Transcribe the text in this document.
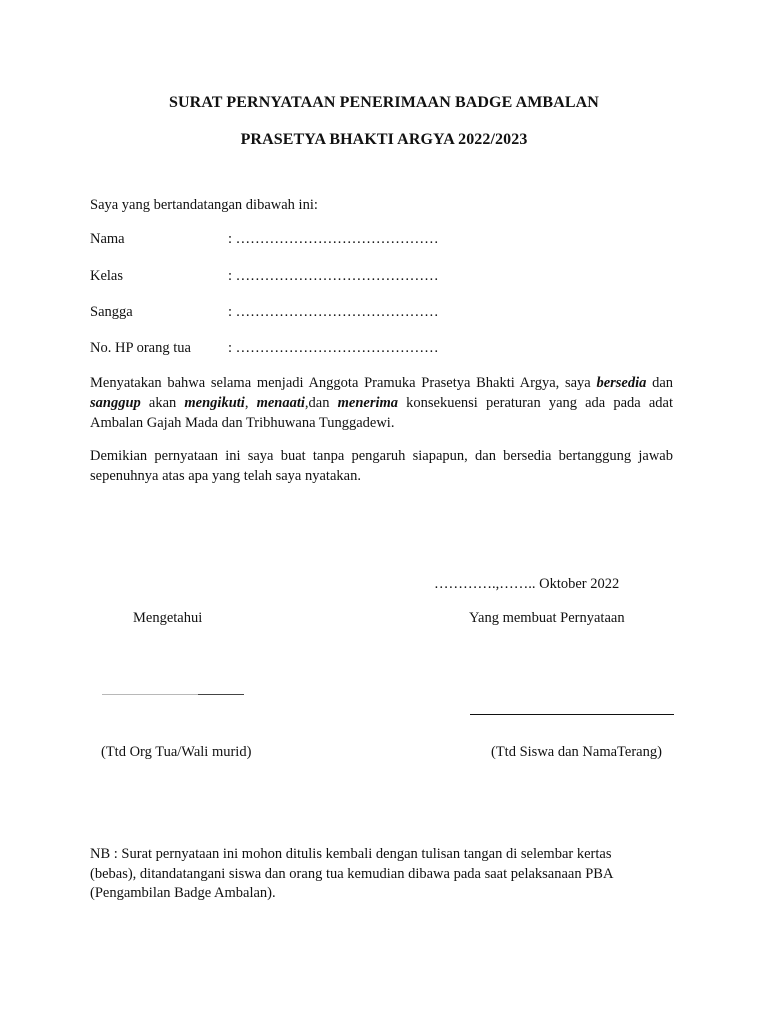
SURAT PERNYATAAN PENERIMAAN BADGE AMBALAN
PRASETYA BHAKTI ARGYA 2022/2023
Saya yang bertandatangan dibawah ini:
Nama	: ……………………………………
Kelas	: ……………………………………
Sangga	: ……………………………………
No. HP orang tua	: ……………………………………
Menyatakan bahwa selama menjadi Anggota Pramuka Prasetya Bhakti Argya, saya bersedia dan sanggup akan mengikuti, menaati,dan menerima konsekuensi peraturan yang ada pada adat Ambalan Gajah Mada dan Tribhuwana Tunggadewi.
Demikian pernyataan ini saya buat tanpa pengaruh siapapun, dan bersedia bertanggung jawab sepenuhnya atas apa yang telah saya nyatakan.
………….,…….. Oktober 2022
Mengetahui	Yang membuat Pernyataan
(Ttd Org Tua/Wali murid)	(Ttd Siswa dan NamaTerang)
NB : Surat pernyataan ini mohon ditulis kembali dengan tulisan tangan di selembar kertas
(bebas), ditandatangani siswa dan orang tua kemudian dibawa pada saat pelaksanaan PBA
(Pengambilan Badge Ambalan).
